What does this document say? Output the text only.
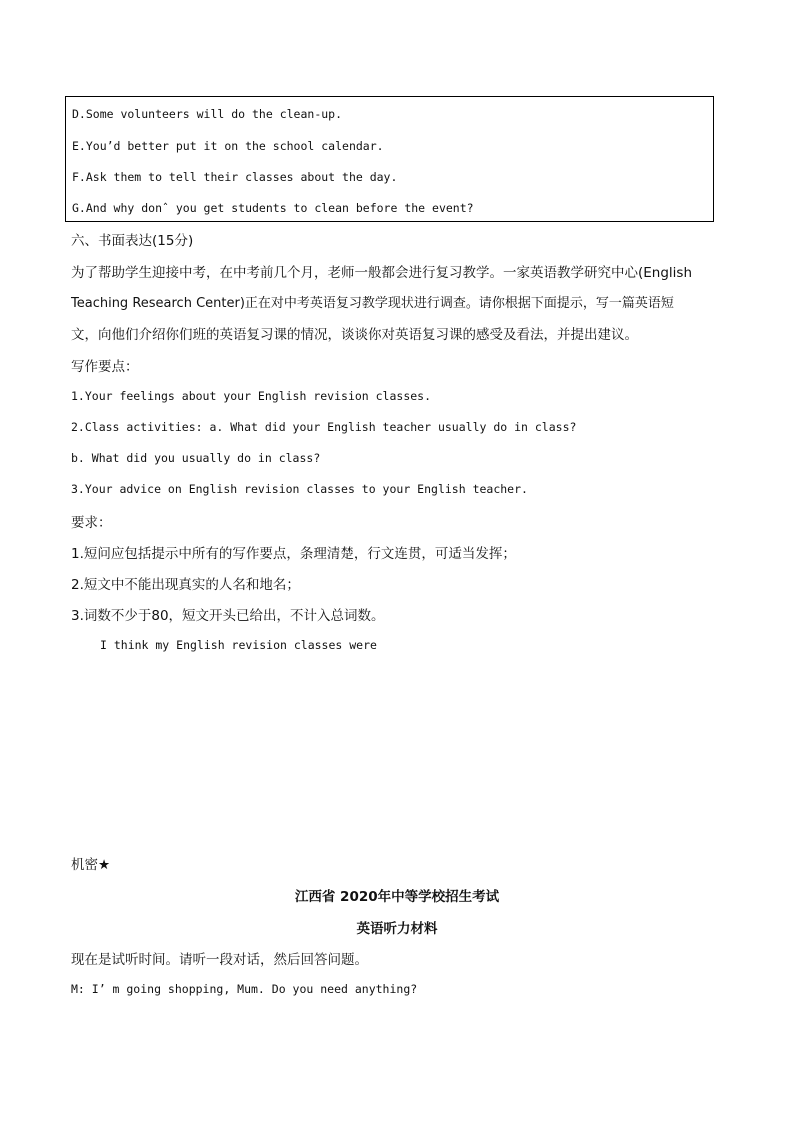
D.Some volunteers will do the clean-up.
E.You’d better put it on the school calendar.
F.Ask them to tell their classes about the day.
G.And why donˆ you get students to clean before the event?
六、书面表达(15分)
为了帮助学生迎接中考，在中考前几个月，老师一般都会进行复习教学。一家英语教学研究中心(English
Teaching Research Center)正在对中考英语复习教学现状进行调查。请你根据下面提示，写一篇英语短
文，向他们介绍你们班的英语复习课的情况，谈谈你对英语复习课的感受及看法，并提出建议。
写作要点：
1.Your feelings about your English revision classes.
2.Class activities: a. What did your English teacher usually do in class?
b. What did you usually do in class?
3.Your advice on English revision classes to your English teacher.
要求：
1.短问应包括提示中所有的写作要点，条理清楚，行文连贯，可适当发挥；
2.短文中不能出现真实的人名和地名；
3.词数不少于80，短文开头已给出，不计入总词数。
I think my English revision classes were
机密★
江西省 2020年中等学校招生考试
英语听力材料
现在是试听时间。请听一段对话，然后回答问题。
M: I’ m going shopping, Mum. Do you need anything?
